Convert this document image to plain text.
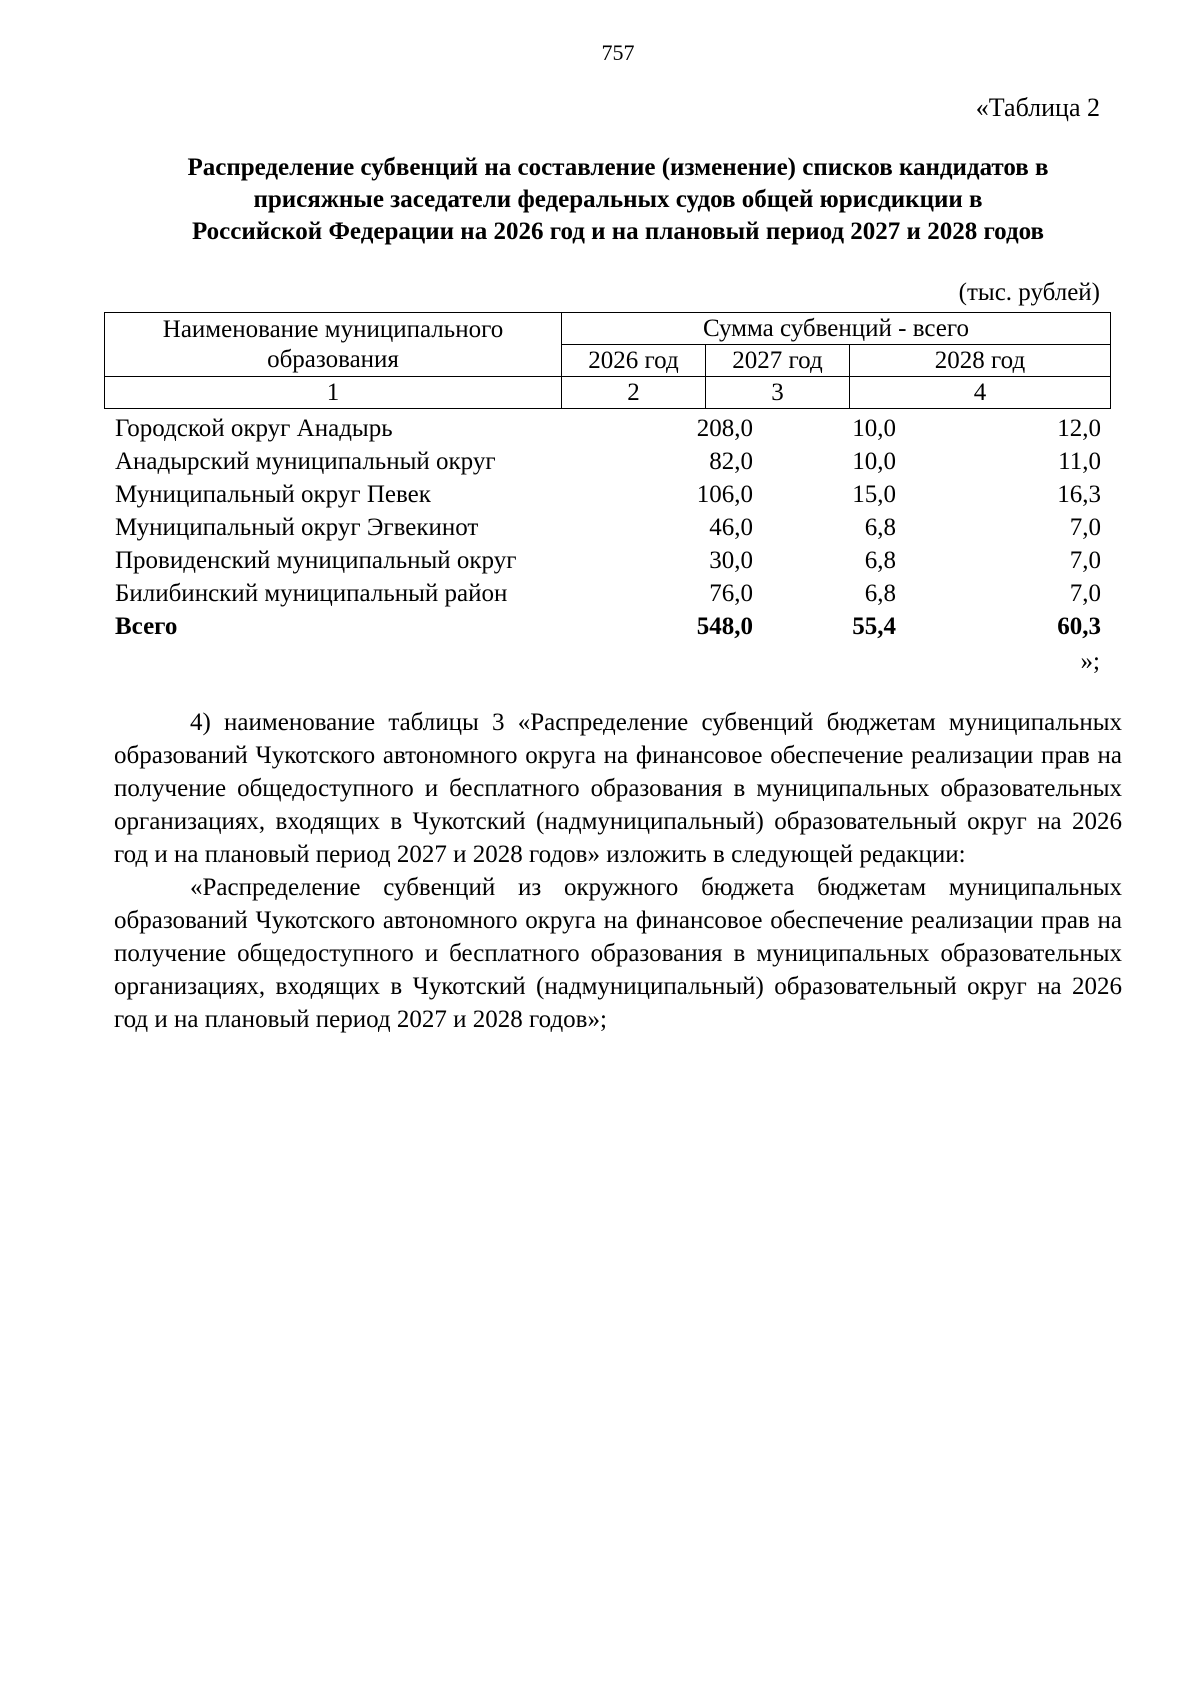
757
«Таблица 2
Распределение субвенций на составление (изменение) списков кандидатов в
присяжные заседатели федеральных судов общей юрисдикции в
Российской Федерации на 2026 год и на плановый период 2027 и 2028 годов
(тыс. рублей)
Наименование муниципального образования	Сумма субвенций - всего		
	2026 год	2027 год	2028 год
1	2	3	4
Городской округ Анадырь	208,0	10,0	12,0
Анадырский муниципальный округ	82,0	10,0	11,0
Муниципальный округ Певек	106,0	15,0	16,3
Муниципальный округ Эгвекинот	46,0	6,8	7,0
Провиденский муниципальный округ	30,0	6,8	7,0
Билибинский муниципальный район	76,0	6,8	7,0
Всего	548,0	55,4	60,3
»;

4) наименование таблицы 3 «Распределение субвенций бюджетам муниципальных образований Чукотского автономного округа на финансовое обеспечение реализации прав на получение общедоступного и бесплатного образования в муниципальных образовательных организациях, входящих в Чукотский (надмуниципальный) образовательный округ на 2026 год и на плановый период 2027 и 2028 годов» изложить в следующей редакции:

«Распределение субвенций из окружного бюджета бюджетам муниципальных образований Чукотского автономного округа на финансовое обеспечение реализации прав на получение общедоступного и бесплатного образования в муниципальных образовательных организациях, входящих в Чукотский (надмуниципальный) образовательный округ на 2026 год и на плановый период 2027 и 2028 годов»;
